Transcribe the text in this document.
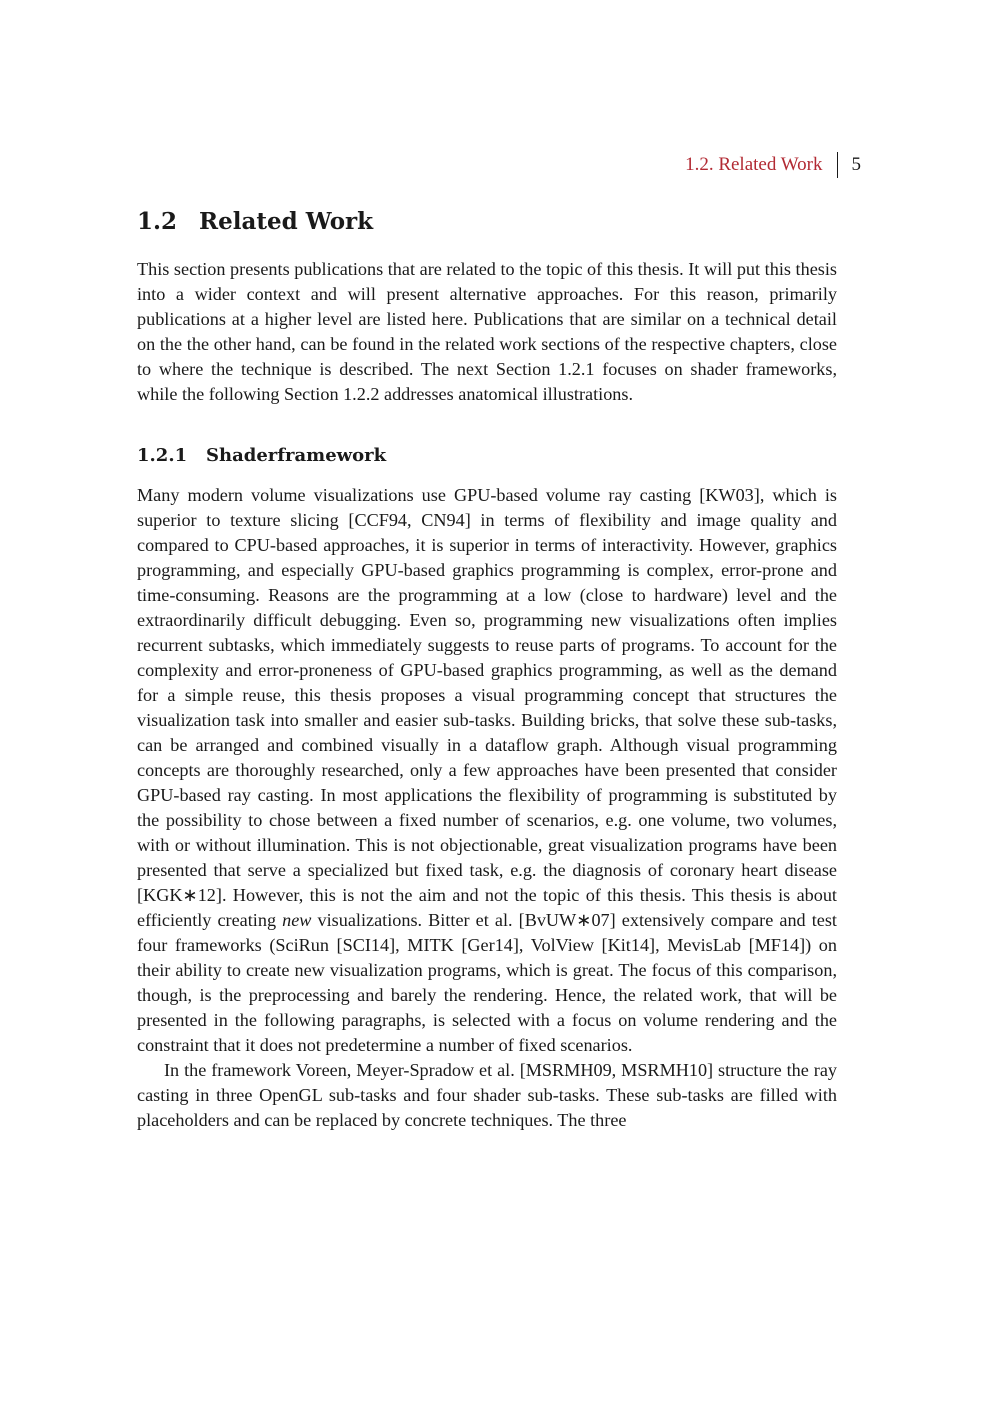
1.2. Related Work 5
1.2 Related Work

This section presents publications that are related to the topic of this thesis. It will put this thesis into a wider context and will present alternative approaches. For this reason, primarily publications at a higher level are listed here. Publications that are similar on a technical detail on the the other hand, can be found in the related work sections of the respective chapters, close to where the technique is described. The next Section 1.2.1 focuses on shader frameworks, while the following Section 1.2.2 addresses anatomical illustrations.

1.2.1	Shaderframework

Many modern volume visualizations use GPU-based volume ray casting [KW03], which is superior to texture slicing [CCF94, CN94] in terms of flexibility and image quality and compared to CPU-based approaches, it is superior in terms of interactivity. However, graphics programming, and especially GPU-based graphics programming is complex, error-prone and time-consuming. Reasons are the programming at a low (close to hardware) level and the extraordinarily difficult debugging. Even so, programming new visualizations often implies recurrent subtasks, which immediately suggests to reuse parts of programs. To account for the complexity and error-proneness of GPU-based graphics programming, as well as the demand for a simple reuse, this thesis proposes a visual programming concept that structures the visualization task into smaller and easier sub-tasks. Building bricks, that solve these sub-tasks, can be arranged and combined visually in a dataflow graph. Although visual programming concepts are thoroughly researched, only a few approaches have been presented that consider GPU-based ray casting. In most applications the flexibility of programming is substituted by the possibility to chose between a fixed number of scenarios, e.g. one volume, two volumes, with or without illumination. This is not objectionable, great visualization programs have been presented that serve a specialized but fixed task, e.g. the diagnosis of coronary heart disease [KGK∗12]. However, this is not the aim and not the topic of this thesis. This thesis is about efficiently creating new visualizations. Bitter et al. [BvUW∗07] extensively compare and test four frameworks (SciRun [SCI14], MITK [Ger14], VolView [Kit14], MevisLab [MF14]) on their ability to create new visualization programs, which is great. The focus of this comparison, though, is the preprocessing and barely the rendering. Hence, the related work, that will be presented in the following paragraphs, is selected with a focus on volume rendering and the constraint that it does not predetermine a number of fixed scenarios.

In the framework Voreen, Meyer-Spradow et al. [MSRMH09, MSRMH10] structure the ray casting in three OpenGL sub-tasks and four shader sub-tasks. These sub-tasks are filled with placeholders and can be replaced by concrete techniques. The three
